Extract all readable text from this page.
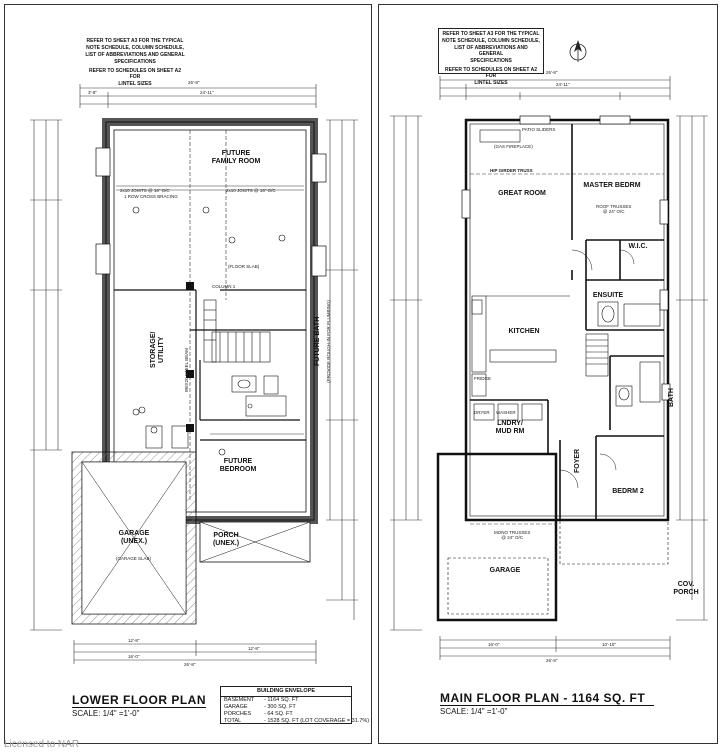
REFER TO SHEET A3 FOR THE TYPICAL
NOTE SCHEDULE, COLUMN SCHEDULE,
LIST OF ABBREVIATIONS AND GENERAL
SPECIFICATIONS
REFER TO SCHEDULES ON SHEET A2 FOR
LINTEL SIZES
REFER TO SHEET A3 FOR THE TYPICAL
NOTE SCHEDULE, COLUMN SCHEDULE,
LIST OF ABBREVIATIONS AND GENERAL
SPECIFICATIONS
REFER TO SCHEDULES ON SHEET A2 FOR
LINTEL SIZES
FUTURE
FAMILY ROOM
STORAGE/
UTILITY	FUTURE BATH
FUTURE
BEDROOM
GARAGE
(UNEX.)
PORCH
(UNEX.)
26'-8"
3'-8"	24'-11"
26'-8"
12'-8"
12'-8"
16'-0"
2x10 JOISTS @ 16" O/C	2x10 JOISTS @ 16" O/C
1 ROW CROSS BRACING
(FLOOR SLAB)
(GARAGE SLAB)
COLUMN 1
W6X20 STEEL BEAM	(PROVIDE ROUGH-IN FOR PLUMBING)
GREAT ROOM
MASTER BEDRM
W.I.C.
ENSUITE
KITCHEN
BATH
LNDRY/
MUD RM
FOYER
BEDRM 2
GARAGE
COV.
PORCH
26'-8"
24'-11"
26'-8"
16'-0"	10'-10"
PATIO SLIDERS
(GAS FIREPLACE)
HIP GIRDER TRUSS
ROOF TRUSSES
@ 24" O/C
MONO TRUSSES
@ 24" O/C
FRIDGE
WASHER
DRYER
LOWER FLOOR PLAN
SCALE: 1/4" =1'-0"
MAIN FLOOR PLAN - 1164 SQ. FT
SCALE: 1/4" =1'-0"
BUILDING ENVELOPE
BASEMENT	- 1164 SQ. FT
GARAGE	- 300 SQ. FT
PORCHES	- 64 SQ. FT
TOTAL	- 1528 SQ. FT (LOT COVERAGE = 31.7%)
Licensed to NAR
